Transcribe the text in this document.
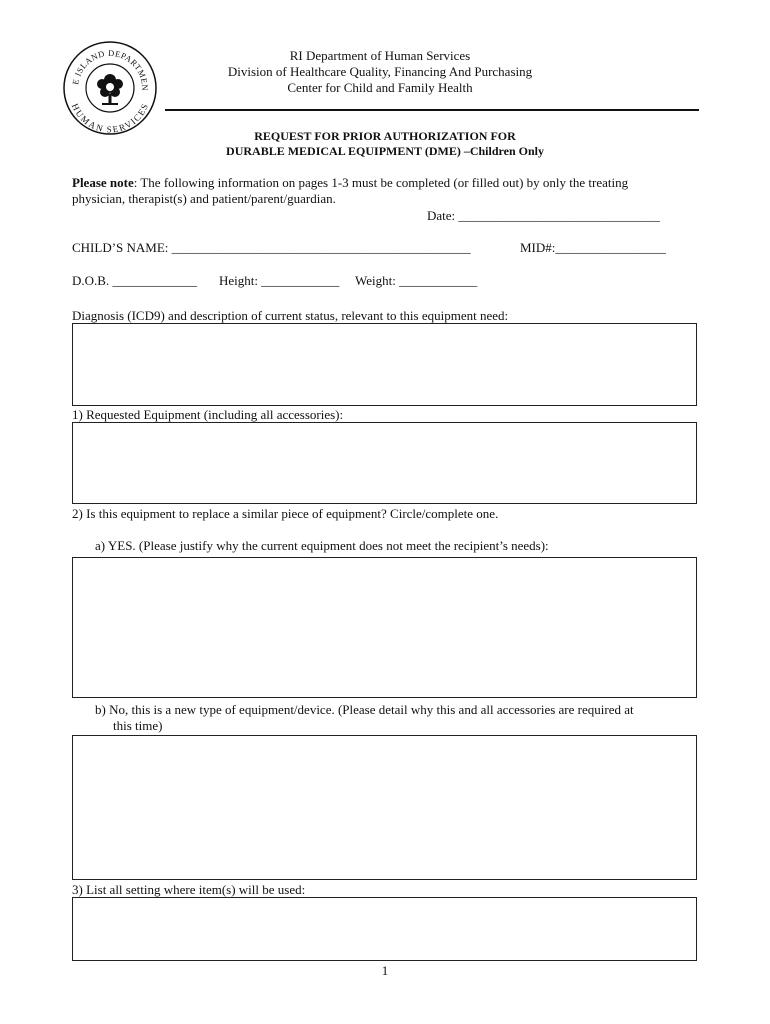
E ISLAND DEPARTMEN
HUMAN SERVICES
RI Department of Human Services
Division of Healthcare Quality, Financing And Purchasing
Center for Child and Family Health
REQUEST FOR PRIOR AUTHORIZATION FOR
DURABLE MEDICAL EQUIPMENT (DME) –Children Only
Please note: The following information on pages 1-3 must be completed (or filled out) by only the treating
physician, therapist(s) and patient/parent/guardian.
Date: _______________________________
CHILD’S NAME: ______________________________________________	MID#:_________________
D.O.B. _____________ Height: ____________ Weight: ____________
Diagnosis (ICD9) and description of current status, relevant to this equipment need:
1) Requested Equipment (including all accessories):
2) Is this equipment to replace a similar piece of equipment? Circle/complete one.
a) YES. (Please justify why the current equipment does not meet the recipient’s needs):
b) No, this is a new type of equipment/device. (Please detail why this and all accessories are required at
this time)
3) List all setting where item(s) will be used:
1
